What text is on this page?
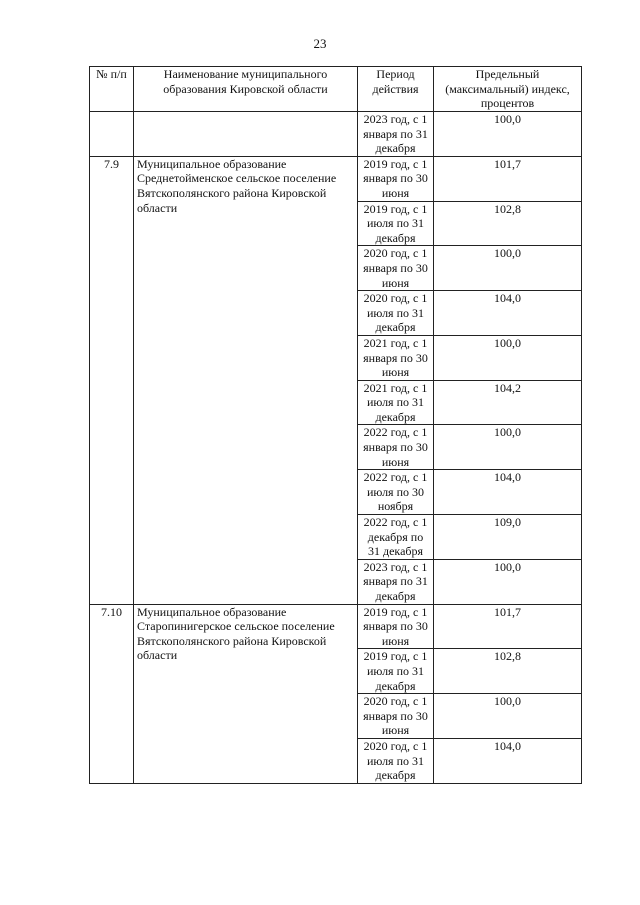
23
№ п/п	Наименование муниципального образования Кировской области	Период действия	Предельный (максимальный) индекс, процентов
		2023 год, с 1 января по 31 декабря	100,0
7.9	Муниципальное образование Среднетойменское сельское поселение Вятскополянского района Кировской области	2019 год, с 1 января по 30 июня	101,7
		2019 год, с 1 июля по 31 декабря	102,8
		2020 год, с 1 января по 30 июня	100,0
		2020 год, с 1 июля по 31 декабря	104,0
		2021 год, с 1 января по 30 июня	100,0
		2021 год, с 1 июля по 31 декабря	104,2
		2022 год, с 1 января по 30 июня	100,0
		2022 год, с 1 июля по 30 ноября	104,0
		2022 год, с 1 декабря по 31 декабря	109,0
		2023 год, с 1 января по 31 декабря	100,0
7.10	Муниципальное образование Старопинигерское сельское поселение Вятскополянского района Кировской области	2019 год, с 1 января по 30 июня	101,7
		2019 год, с 1 июля по 31 декабря	102,8
		2020 год, с 1 января по 30 июня	100,0
		2020 год, с 1 июля по 31 декабря	104,0
